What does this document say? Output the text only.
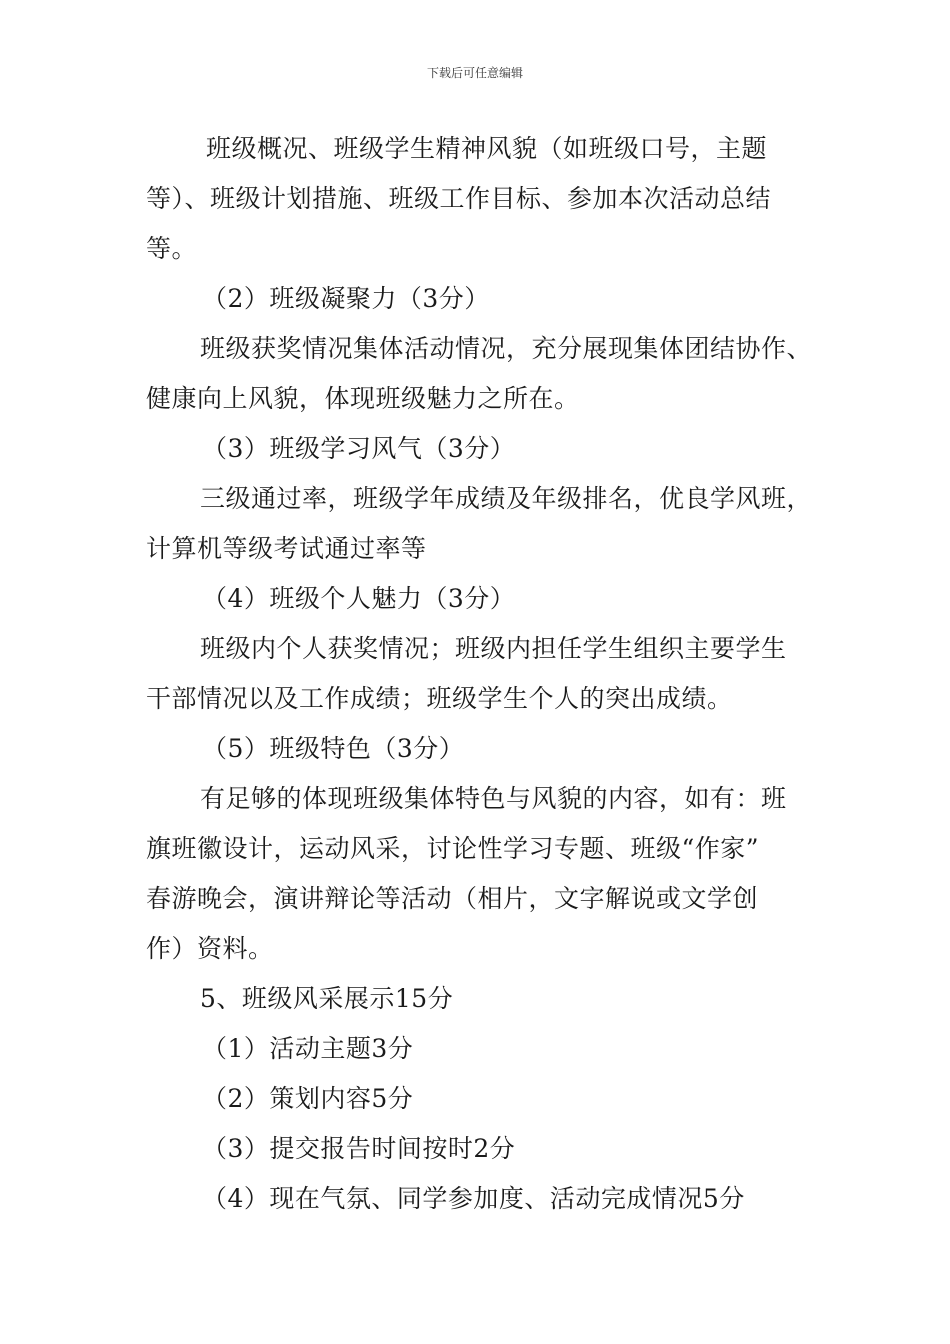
下载后可任意编辑
班级概况、班级学生精神风貌（如班级口号，主题
等）、班级计划措施、班级工作目标、参加本次活动总结
等。
（2）班级凝聚力（3分）
班级获奖情况集体活动情况，充分展现集体团结协作、
健康向上风貌，体现班级魅力之所在。
（3）班级学习风气（3分）
三级通过率，班级学年成绩及年级排名，优良学风班，
计算机等级考试通过率等
（4）班级个人魅力（3分）
班级内个人获奖情况；班级内担任学生组织主要学生
干部情况以及工作成绩；班级学生个人的突出成绩。
（5）班级特色（3分）
有足够的体现班级集体特色与风貌的内容，如有：班
旗班徽设计，运动风采，讨论性学习专题、班级“作家”
春游晚会，演讲辩论等活动（相片，文字解说或文学创
作）资料。
5、班级风采展示15分
（1）活动主题3分
（2）策划内容5分
（3）提交报告时间按时2分
（4）现在气氛、同学参加度、活动完成情况5分
